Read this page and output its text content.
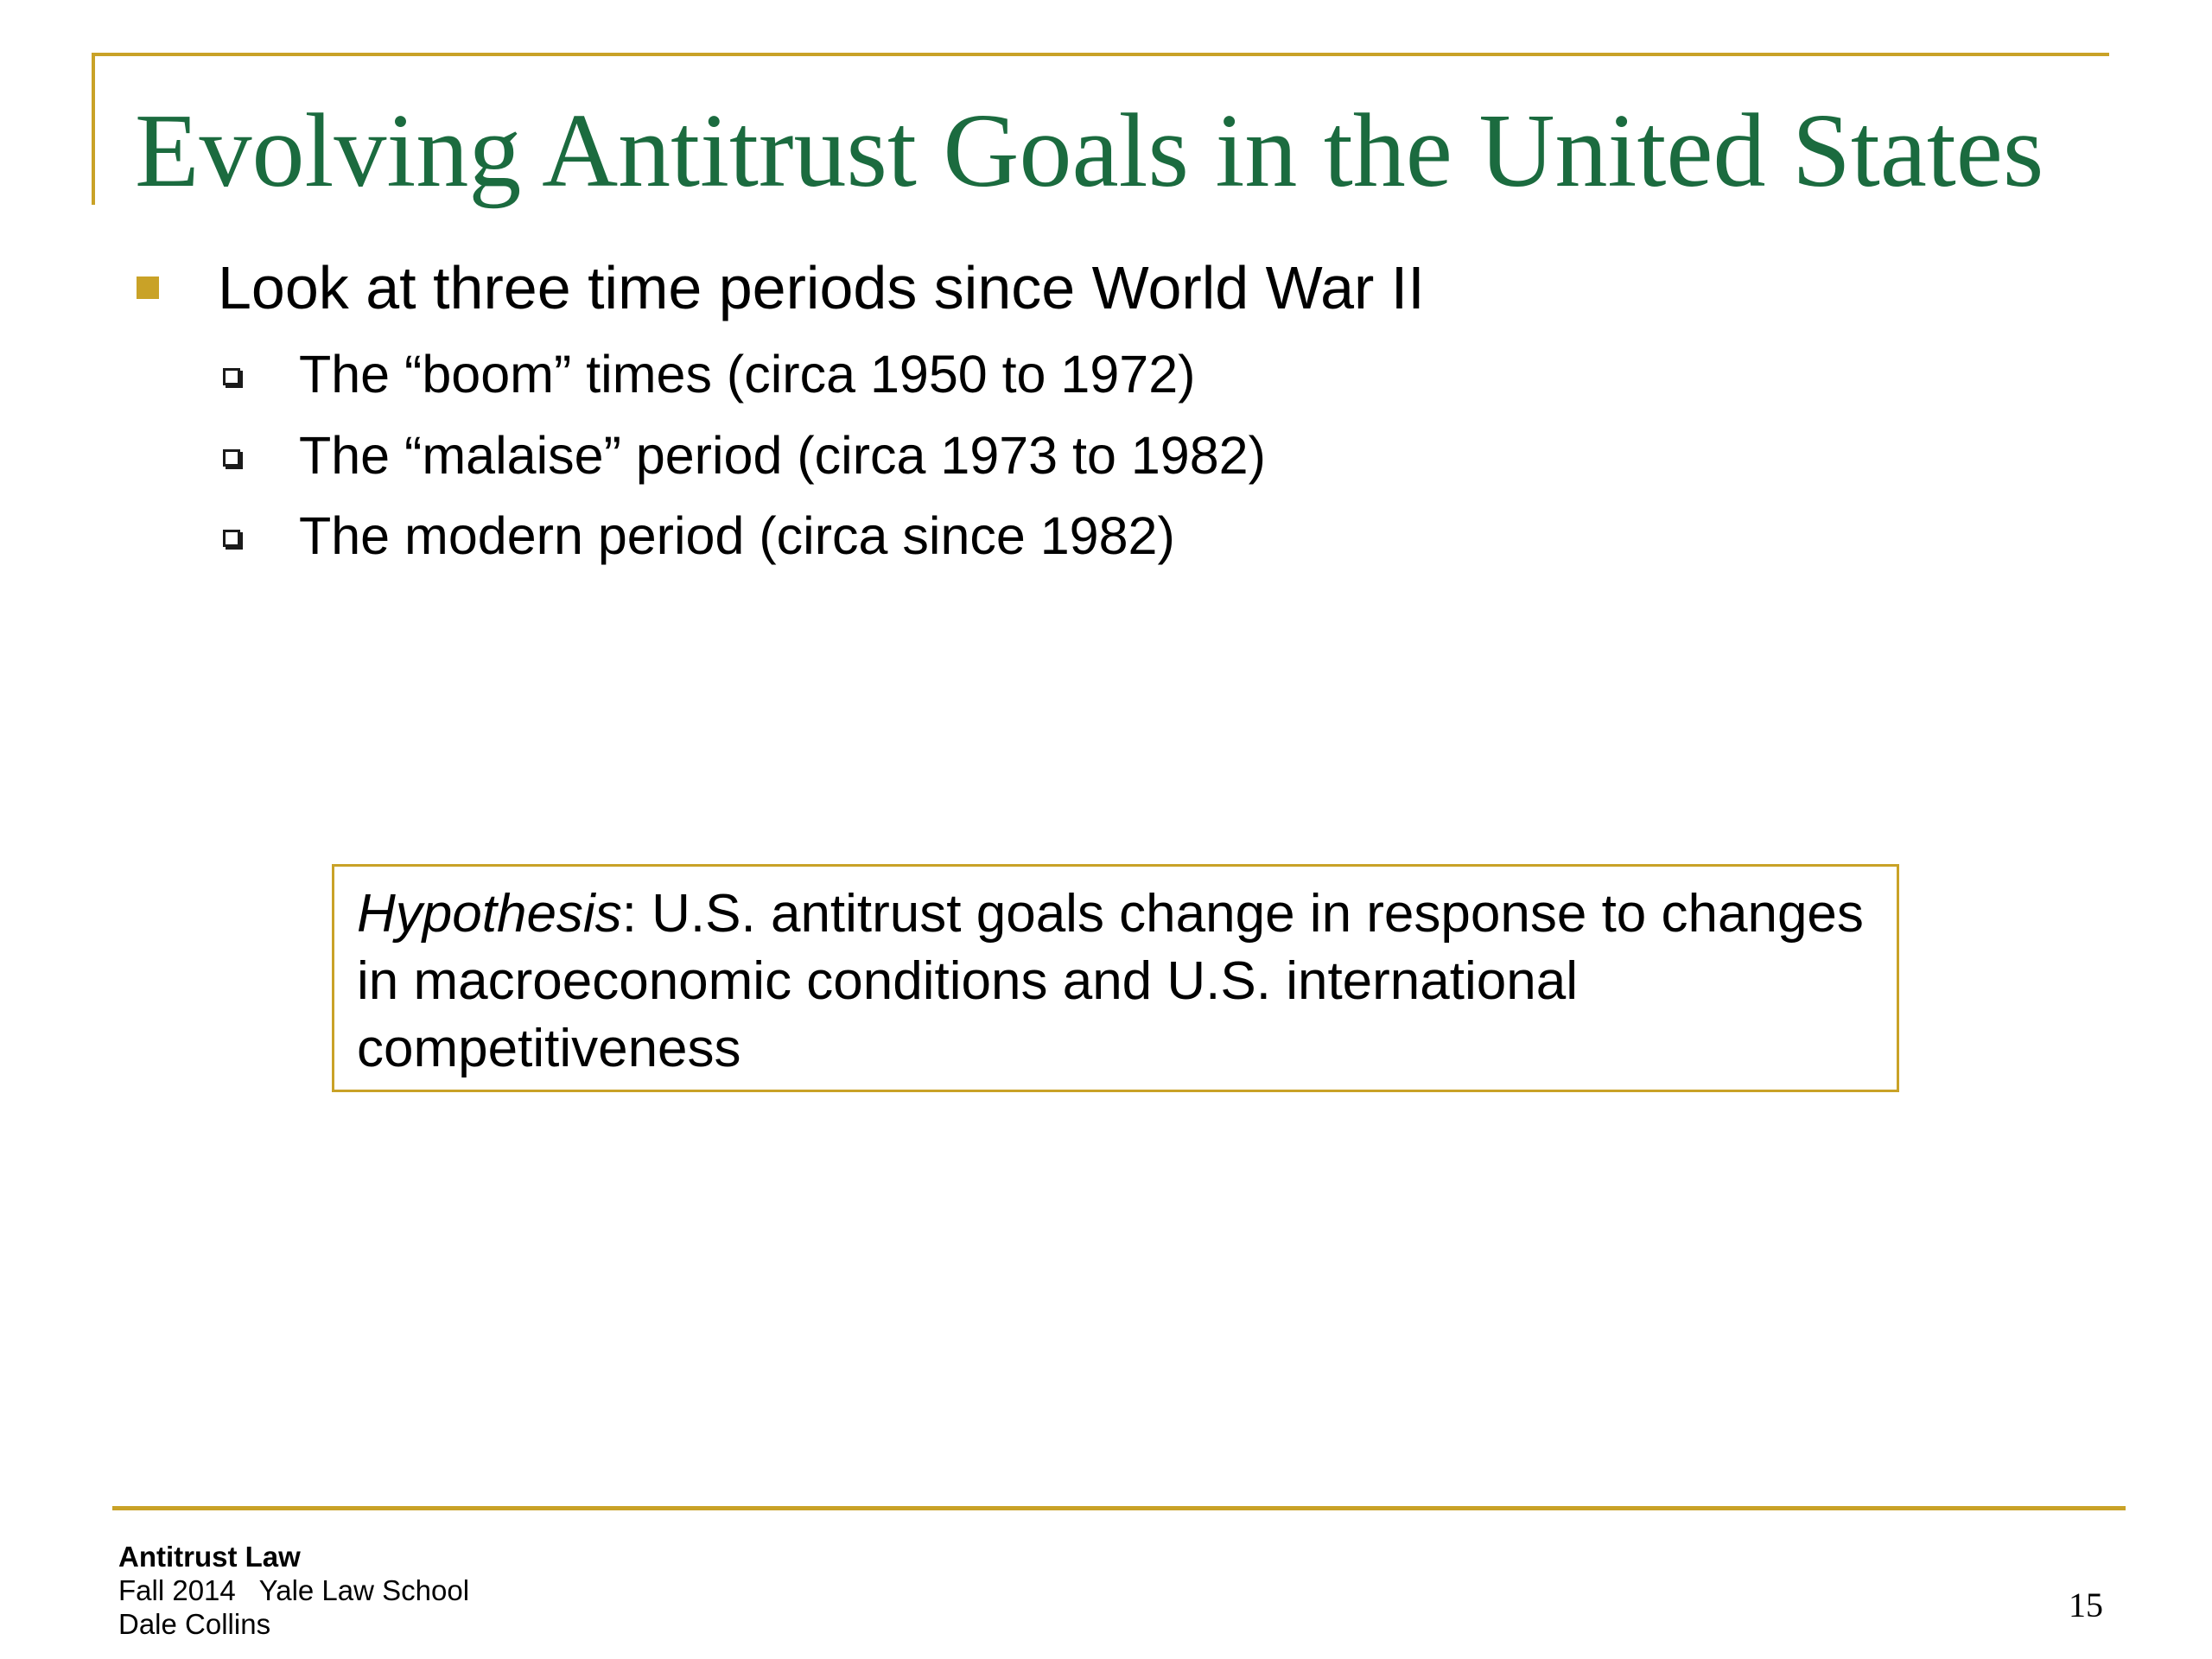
Evolving Antitrust Goals in the United States
Look at three time periods since World War II
The “boom” times (circa 1950 to 1972)
The “malaise” period (circa 1973 to 1982)
The modern period (circa since 1982)
Hypothesis: U.S. antitrust goals change in response to changes in macroeconomic conditions and U.S. international competitiveness
Antitrust Law
Fall 2014   Yale Law School
Dale Collins	15
